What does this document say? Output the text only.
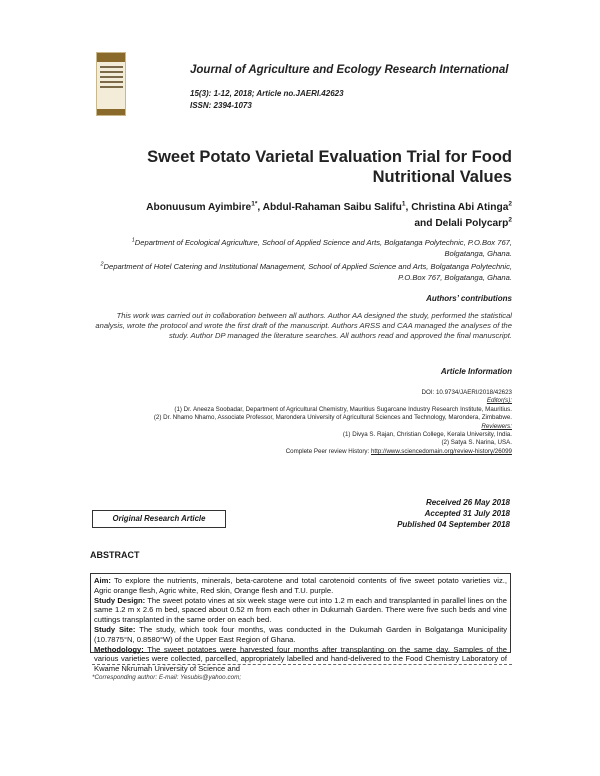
Journal of Agriculture and Ecology Research International
15(3): 1-12, 2018; Article no.JAERI.42623
ISSN: 2394-1073
Sweet Potato Varietal Evaluation Trial for Food Nutritional Values
Abonuusum Ayimbire$^{1*}$, Abdul-Rahaman Saibu Salifu$^1$, Christina Abi Atinga$^2$
and Delali Polycarp$^2$

$^1$Department of Ecological Agriculture, School of Applied Science and Arts, Bolgatanga Polytechnic, P.O.Box 767, Bolgatanga, Ghana.

$^2$Department of Hotel Catering and Institutional Management, School of Applied Science and Arts, Bolgatanga Polytechnic, P.O.Box 767, Bolgatanga, Ghana.

Authors’ contributions
This work was carried out in collaboration between all authors. Author AA designed the study, performed the statistical analysis, wrote the protocol and wrote the first draft of the manuscript. Authors ARSS and CAA managed the analyses of the study. Author DP managed the literature searches. All authors read and approved the final manuscript.
Article Information
DOI: 10.9734/JAERI/2018/42623
Editor(s):
(1) Dr. Aneeza Soobadar, Department of Agricultural Chemistry, Mauritius Sugarcane Industry Research Institute, Mauritius.
(2) Dr. Nhamo Nhamo, Associate Professor, Marondera University of Agricultural Sciences and Technology, Marondera, Zimbabwe.
Reviewers:
(1) Divya S. Rajan, Christian College, Kerala University, India.
(2) Satya S. Narina, USA.
Complete Peer review History: http://www.sciencedomain.org/review-history/26099
Original Research Article
Received 26 May 2018
Accepted 31 July 2018
Published 04 September 2018
ABSTRACT
Aim: To explore the nutrients, minerals, beta-carotene and total carotenoid contents of five sweet potato varieties viz., Agric orange flesh, Agric white, Red skin, Orange flesh and T.U. purple.
Study Design: The sweet potato vines at six week stage were cut into 1.2 m each and transplanted in parallel lines on the same 1.2 m x 2.6 m bed, spaced about 0.52 m from each other in Dukurnah Garden. There were five such beds and vine cuttings transplanted in the same order on each bed.
Study Site: The study, which took four months, was conducted in the Dukumah Garden in Bolgatanga Municipality (10.7875°N, 0.8580°W) of the Upper East Region of Ghana.
Methodology: The sweet potatoes were harvested four months after transplanting on the same day. Samples of the various varieties were collected, parcelled, appropriately labelled and hand-delivered to the Food Chemistry Laboratory of Kwame Nkrumah University of Science and
*Corresponding author: E-mail: Yesubis@yahoo.com;
